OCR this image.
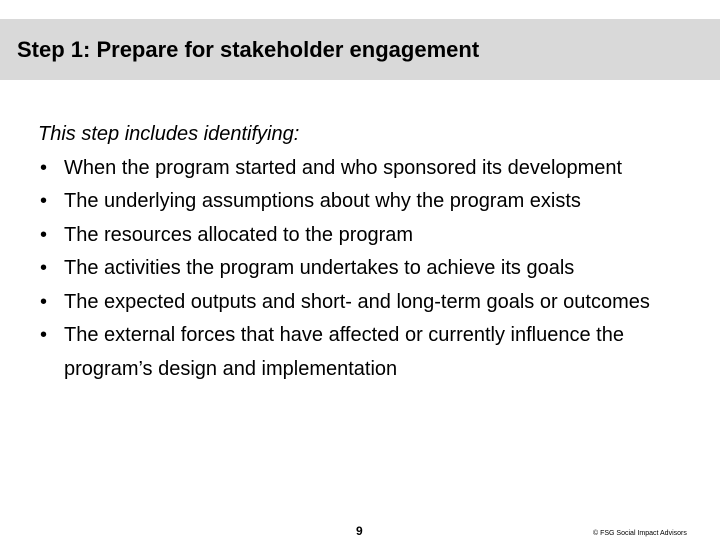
Step 1: Prepare for stakeholder engagement
This step includes identifying:
• When the program started and who sponsored its development
• The underlying assumptions about why the program exists
• The resources allocated to the program
• The activities the program undertakes to achieve its goals
• The expected outputs and short- and long-term goals or outcomes
• The external forces that have affected or currently influence the program’s design and implementation
9	© FSG Social Impact Advisors
